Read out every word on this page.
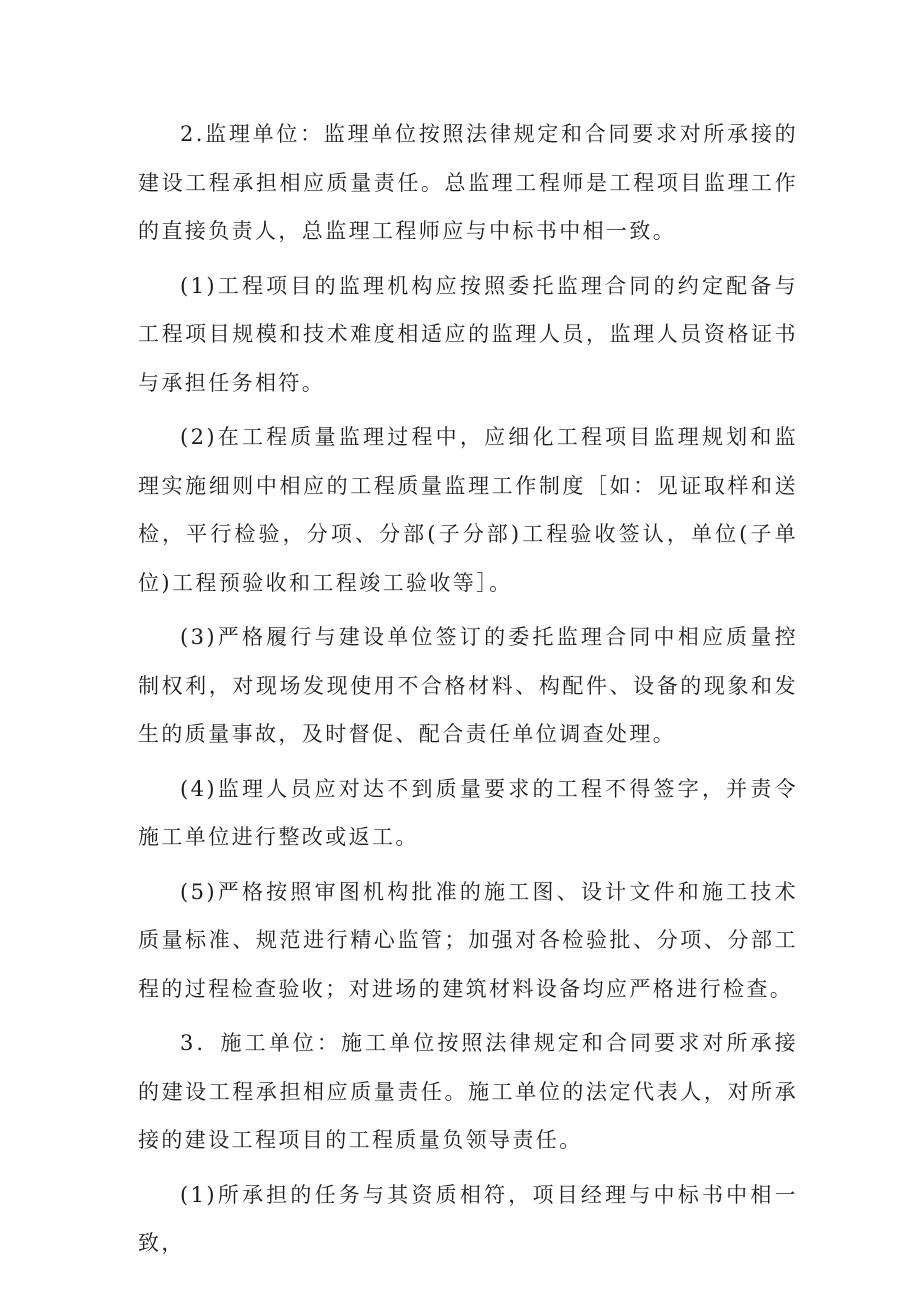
2.监理单位：监理单位按照法律规定和合同要求对所承接的建设工程承担相应质量责任。总监理工程师是工程项目监理工作的直接负责人，总监理工程师应与中标书中相一致。

(1)工程项目的监理机构应按照委托监理合同的约定配备与工程项目规模和技术难度相适应的监理人员，监理人员资格证书与承担任务相符。

(2)在工程质量监理过程中，应细化工程项目监理规划和监理实施细则中相应的工程质量监理工作制度［如：见证取样和送检，平行检验，分项、分部(子分部)工程验收签认，单位(子单位)工程预验收和工程竣工验收等］。

(3)严格履行与建设单位签订的委托监理合同中相应质量控制权利，对现场发现使用不合格材料、构配件、设备的现象和发生的质量事故，及时督促、配合责任单位调查处理。

(4)监理人员应对达不到质量要求的工程不得签字，并责令施工单位进行整改或返工。

(5)严格按照审图机构批准的施工图、设计文件和施工技术质量标准、规范进行精心监管；加强对各检验批、分项、分部工程的过程检查验收；对进场的建筑材料设备均应严格进行检查。

3．施工单位：施工单位按照法律规定和合同要求对所承接的建设工程承担相应质量责任。施工单位的法定代表人，对所承接的建设工程项目的工程质量负领导责任。

(1)所承担的任务与其资质相符，项目经理与中标书中相一致，
